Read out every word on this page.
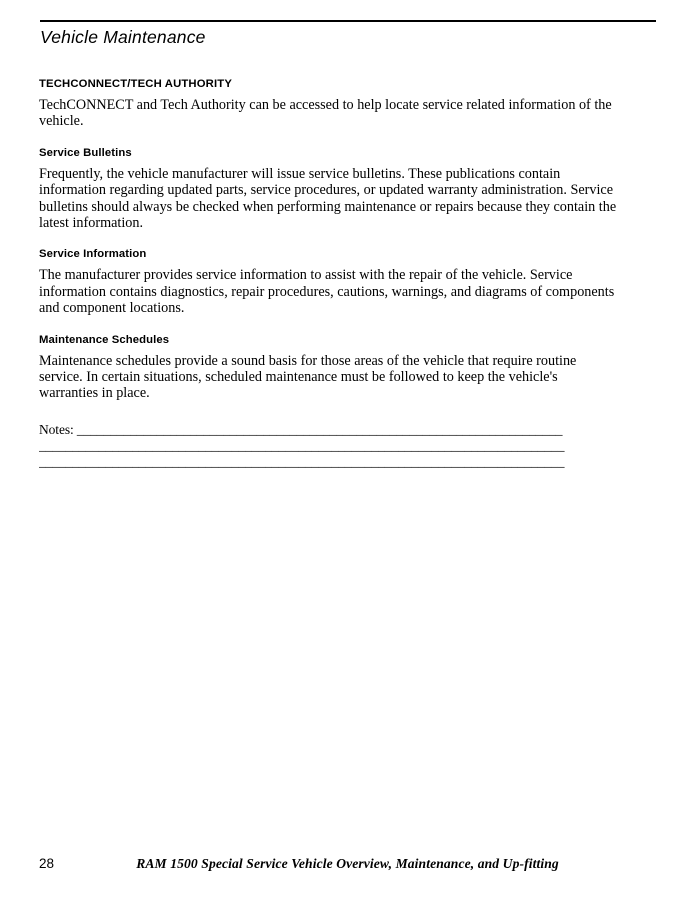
Vehicle Maintenance
TECHCONNECT/TECH AUTHORITY

TechCONNECT and Tech Authority can be accessed to help locate service related information of the vehicle.

Service Bulletins

Frequently, the vehicle manufacturer will issue service bulletins. These publications contain information regarding updated parts, service procedures, or updated warranty administration. Service bulletins should always be checked when performing maintenance or repairs because they contain the latest information.

Service Information

The manufacturer provides service information to assist with the repair of the vehicle. Service information contains diagnostics, repair procedures, cautions, warnings, and diagrams of components and component locations.

Maintenance Schedules

Maintenance schedules provide a sound basis for those areas of the vehicle that require routine service. In certain situations, scheduled maintenance must be followed to keep the vehicle's warranties in place.

Notes: _________________________________________________________________________
_______________________________________________________________________________
_______________________________________________________________________________
28	RAM 1500 Special Service Vehicle Overview, Maintenance, and Up-fitting
